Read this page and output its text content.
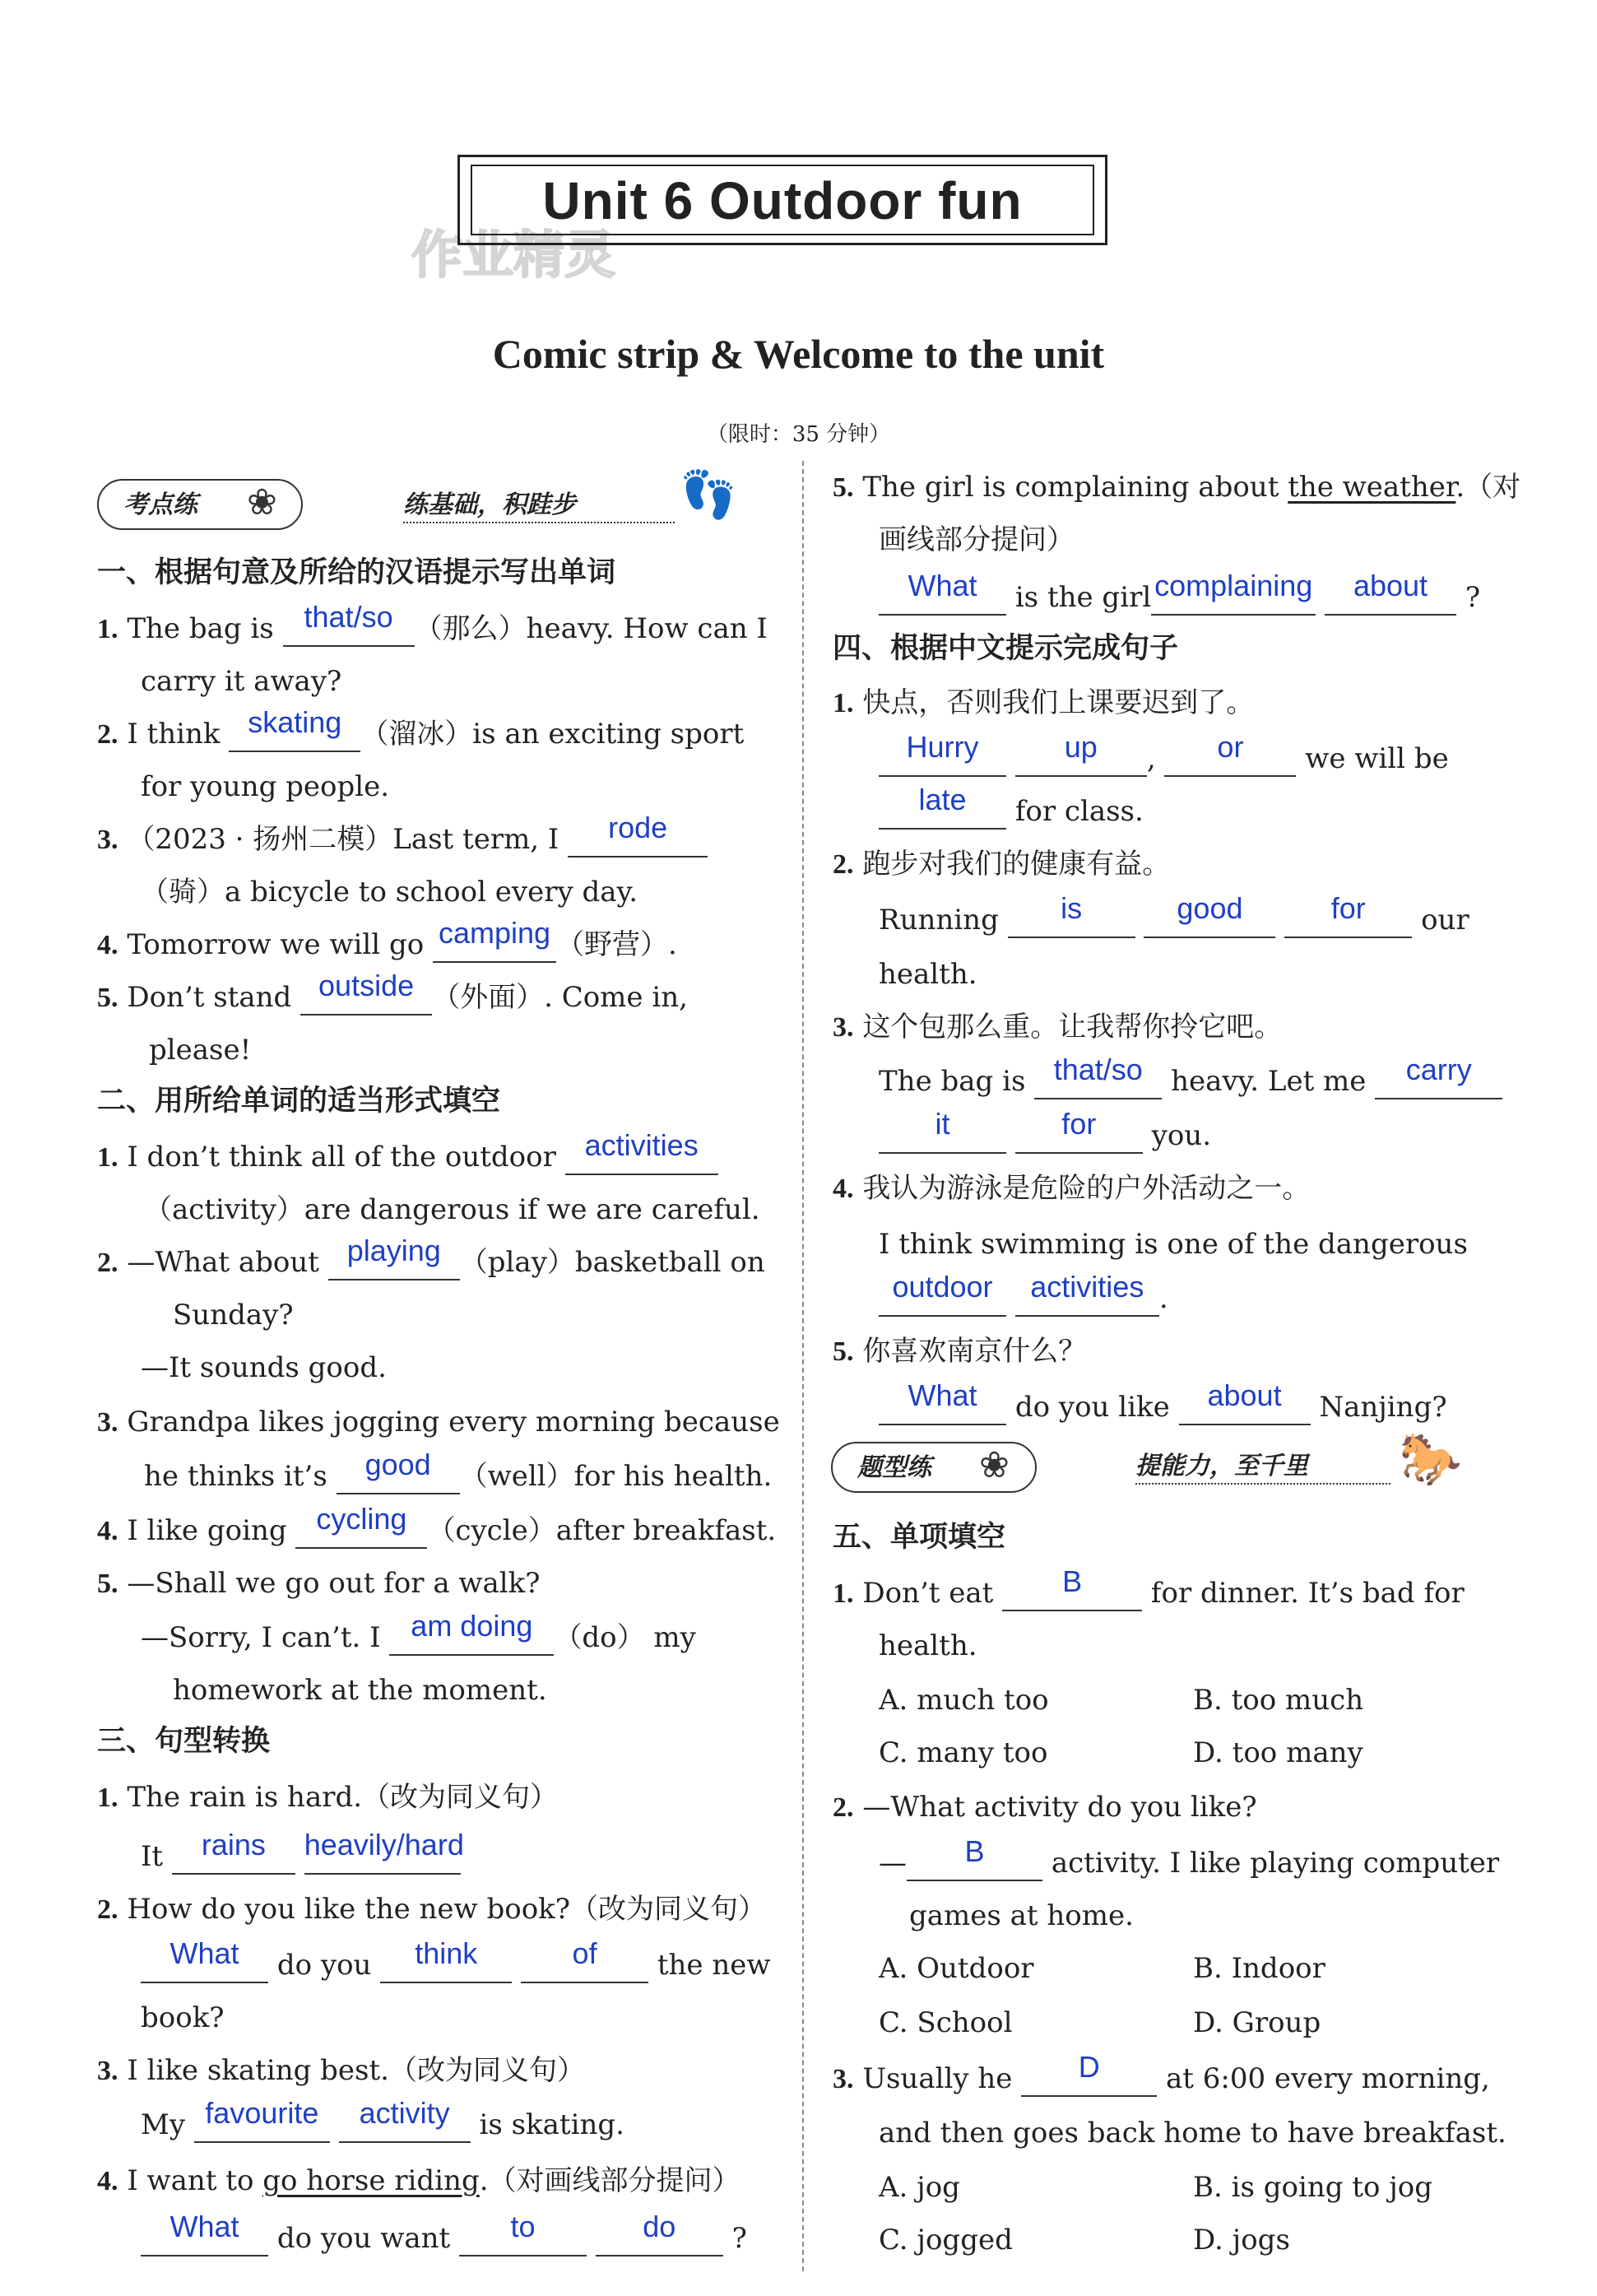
作业精灵
Unit 6 Outdoor fun
Comic strip & Welcome to the unit
（限时：35 分钟）
考点练 ❀	练基础，积跬步	👣
一、根据句意及所给的汉语提示写出单词
1. The bag is	that/so （那么）heavy. How can I
carry it away?
2. I think skating （溜冰）is an exciting sport
for young people.
3. （2023 · 扬州二模）Last term, I	rode
（骑）a bicycle to school every day.
4. Tomorrow we will go camping （野营）.
5. Don’t stand outside （外面）. Come in,
please!
二、用所给单词的适当形式填空
1. I don’t think all of the outdoor activities
（activity）are dangerous if we are careful.
2. —What about playing （play）basketball on
Sunday?
—It sounds good.
3. Grandpa likes jogging every morning because
he thinks it’s	good	（well）for his health.
4. I like going cycling （cycle）after breakfast.
5. —Shall we go out for a walk?
—Sorry, I can’t. I	am doing （do） my
homework at the moment.
三、句型转换
1. The rain is hard.（改为同义句）
It	rains
	heavily/hard
2. How do you like the new book?（改为同义句）
What	do you	think
	of	the new
book?
3. I like skating best.（改为同义句）
My favourite
	activity	is skating.
4. I want to go horse riding.（对画线部分提问）
What	do you want	to
	do	?
5. The girl is complaining about the weather.（对
画线部分提问）
What	is the girl complaining
	about	?
四、根据中文提示完成句子
1. 快点，否则我们上课要迟到了。
Hurry
	up	,	or	we will be
late	for class.
2. 跑步对我们的健康有益。
Running	is
	good
	for	our
health.
3. 这个包那么重。让我帮你拎它吧。
The bag is that/so	heavy. Let me	carry
it
	for	you.
4. 我认为游泳是危险的户外活动之一。
I think swimming is one of the dangerous
outdoor
	activities .
5. 你喜欢南京什么？
What	do you like	about	Nanjing?
题型练 ❀	提能力，至千里	🐎
五、单项填空
1. Don’t eat	B	for dinner. It’s bad for
health.
A. much too	B. too much
C. many too	D. too many
2. —What activity do you like?
—	B	activity. I like playing computer
games at home.
A. Outdoor	B. Indoor
C. School	D. Group
3. Usually he	D	at 6:00 every morning,
and then goes back home to have breakfast.
A. jog	B. is going to jog
C. jogged	D. jogs
